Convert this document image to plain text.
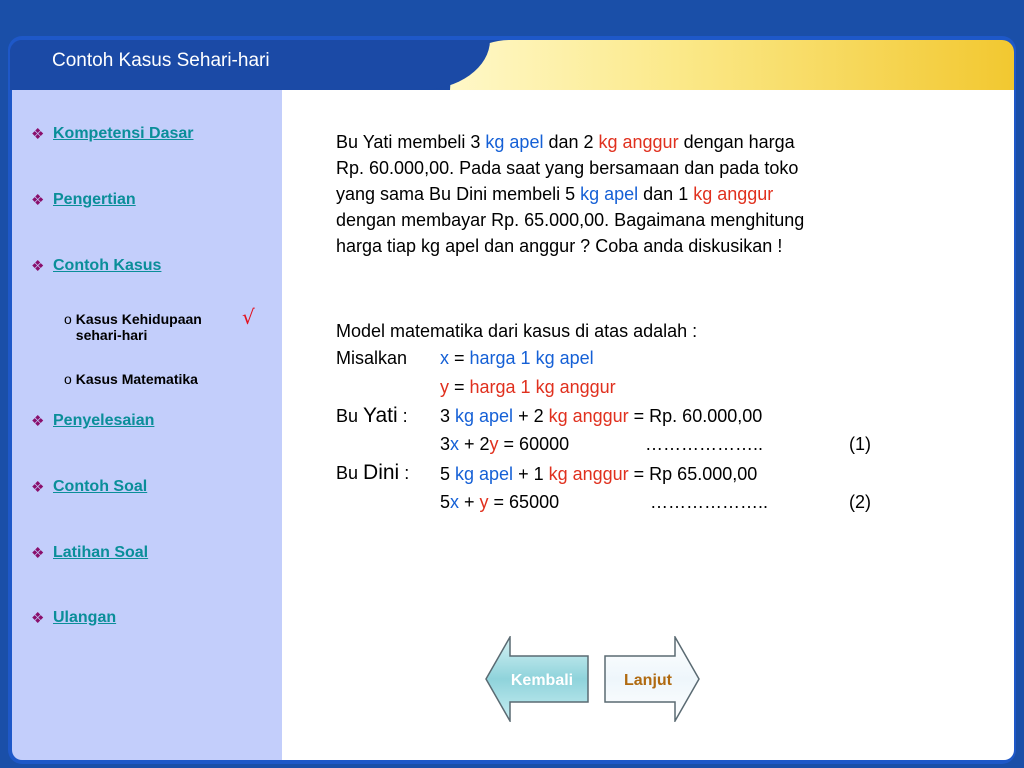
Contoh Kasus Sehari-hari
❖ Kompetensi Dasar
❖ Pengertian
❖ Contoh Kasus
o Kasus Kehidupaan
sehari-hari
√
o Kasus Matematika
❖ Penyelesaian
❖ Contoh Soal
❖ Latihan Soal
❖ Ulangan
Bu Yati membeli 3 kg apel dan 2 kg anggur dengan harga
Rp. 60.000,00. Pada saat yang bersamaan dan pada toko
yang sama Bu Dini membeli 5 kg apel dan 1 kg anggur
dengan membayar Rp. 65.000,00. Bagaimana menghitung
harga tiap kg apel dan anggur ? Coba anda diskusikan !
Model matematika dari kasus di atas adalah :
Misalkan x = harga 1 kg apel
y = harga 1 kg anggur
Bu Yati : 3 kg apel + 2 kg anggur = Rp. 60.000,00
3x + 2y = 60000	………………..	(1)
Bu Dini : 5 kg apel + 1 kg anggur = Rp 65.000,00
5x + y = 65000	………………..	(2)
Kembali	Lanjut
